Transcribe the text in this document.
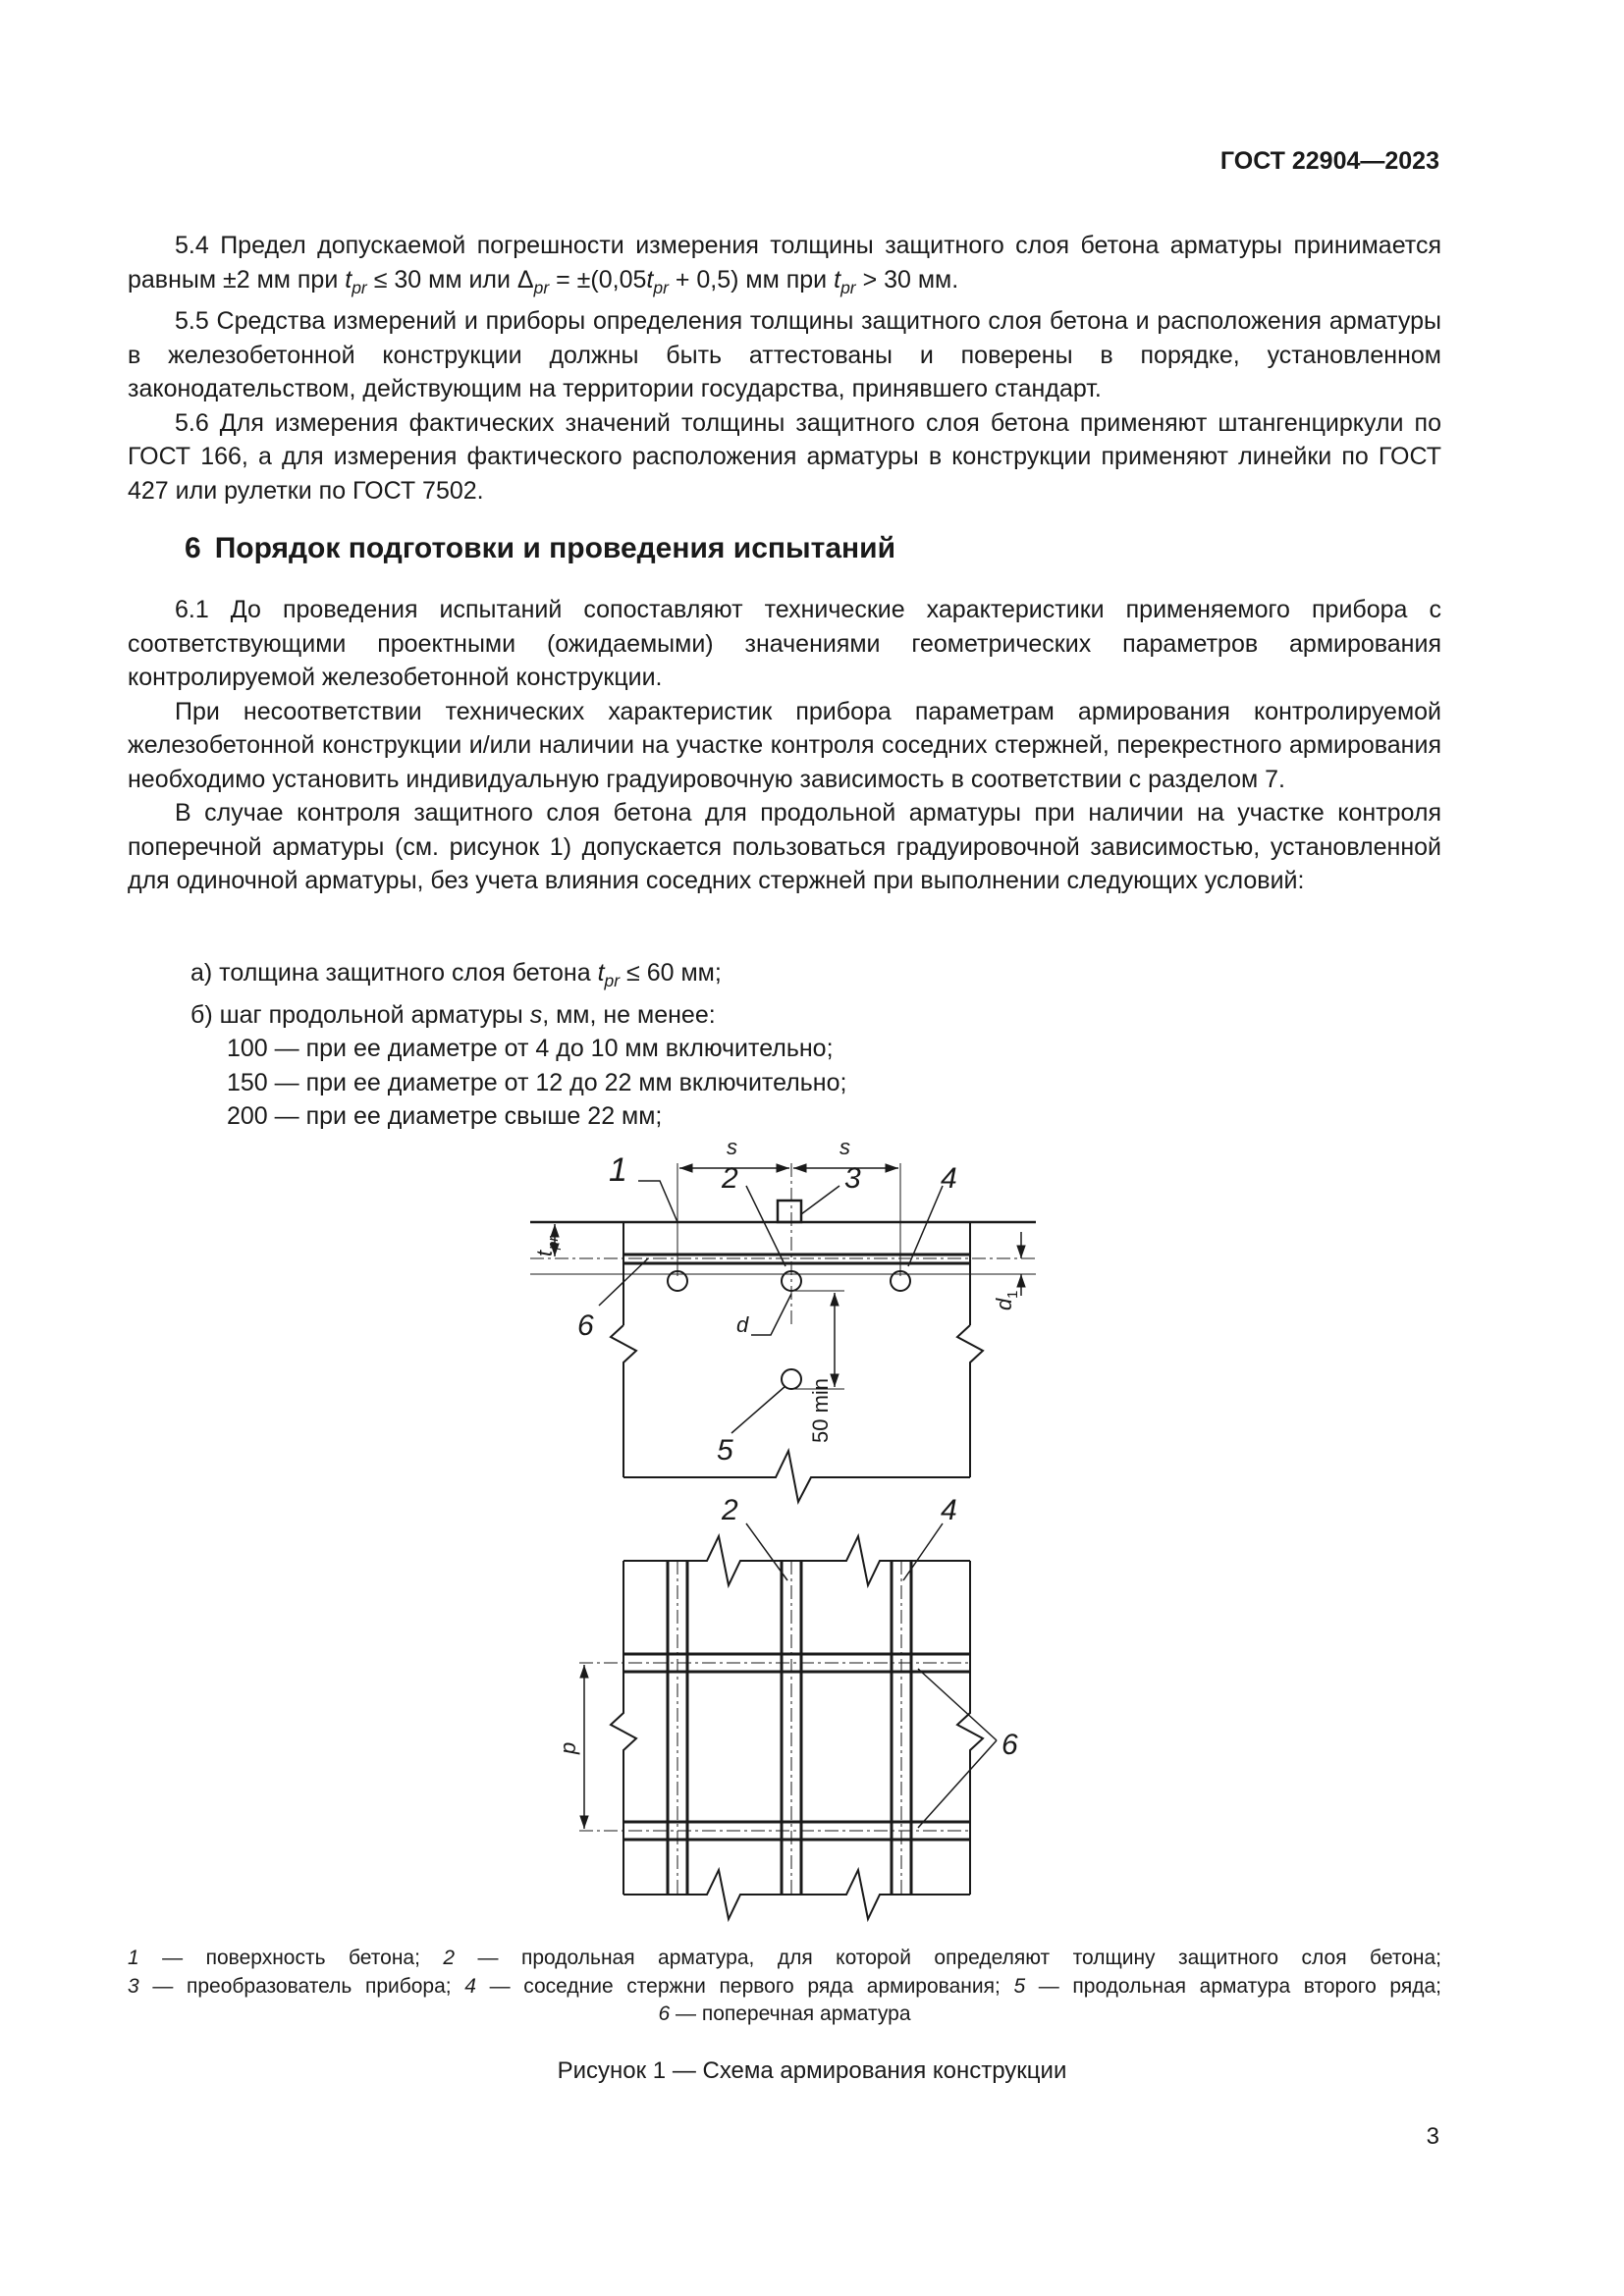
ГОСТ 22904—2023

5.4 Предел допускаемой погрешности измерения толщины защитного слоя бетона арматуры принимается равным ±2 мм при $t_{pr} \le 30$ мм или $\Delta_{pr} = \pm(0,05t_{pr} + 0,5)$ мм при $t_{pr} > 30$ мм.

5.5 Средства измерений и приборы определения толщины защитного слоя бетона и расположения арматуры в железобетонной конструкции должны быть аттестованы и поверены в порядке, установленном законодательством, действующим на территории государства, принявшего стандарт.

5.6 Для измерения фактических значений толщины защитного слоя бетона применяют штангенциркули по ГОСТ 166, а для измерения фактического расположения арматуры в конструкции применяют линейки по ГОСТ 427 или рулетки по ГОСТ 7502.

6 Порядок подготовки и проведения испытаний

6.1 До проведения испытаний сопоставляют технические характеристики применяемого прибора с соответствующими проектными (ожидаемыми) значениями геометрических параметров армирования контролируемой железобетонной конструкции.

При несоответствии технических характеристик прибора параметрам армирования контролируемой железобетонной конструкции и/или наличии на участке контроля соседних стержней, перекрестного армирования необходимо установить индивидуальную градуировочную зависимость в соответствии с разделом 7.

В случае контроля защитного слоя бетона для продольной арматуры при наличии на участке контроля поперечной арматуры (см. рисунок 1) допускается пользоваться градуировочной зависимостью, установленной для одиночной арматуры, без учета влияния соседних стержней при выполнении следующих условий:

а) толщина защитного слоя бетона $t_{pr} \le 60$ мм;
б) шаг продольной арматуры s, мм, не менее:
100 — при ее диаметре от 4 до 10 мм включительно;
150 — при ее диаметре от 12 до 22 мм включительно;
200 — при ее диаметре свыше 22 мм;
1	2	3	4
6
5
s	s
d
t
pr
d
1
50 min
p
2	4
6
1 — поверхность бетона; 2 — продольная арматура, для которой определяют толщину защитного слоя бетона;
3 — преобразователь прибора; 4 — соседние стержни первого ряда армирования; 5 — продольная арматура второго ряда;
6 — поперечная арматура
Рисунок 1 — Схема армирования конструкции
3
